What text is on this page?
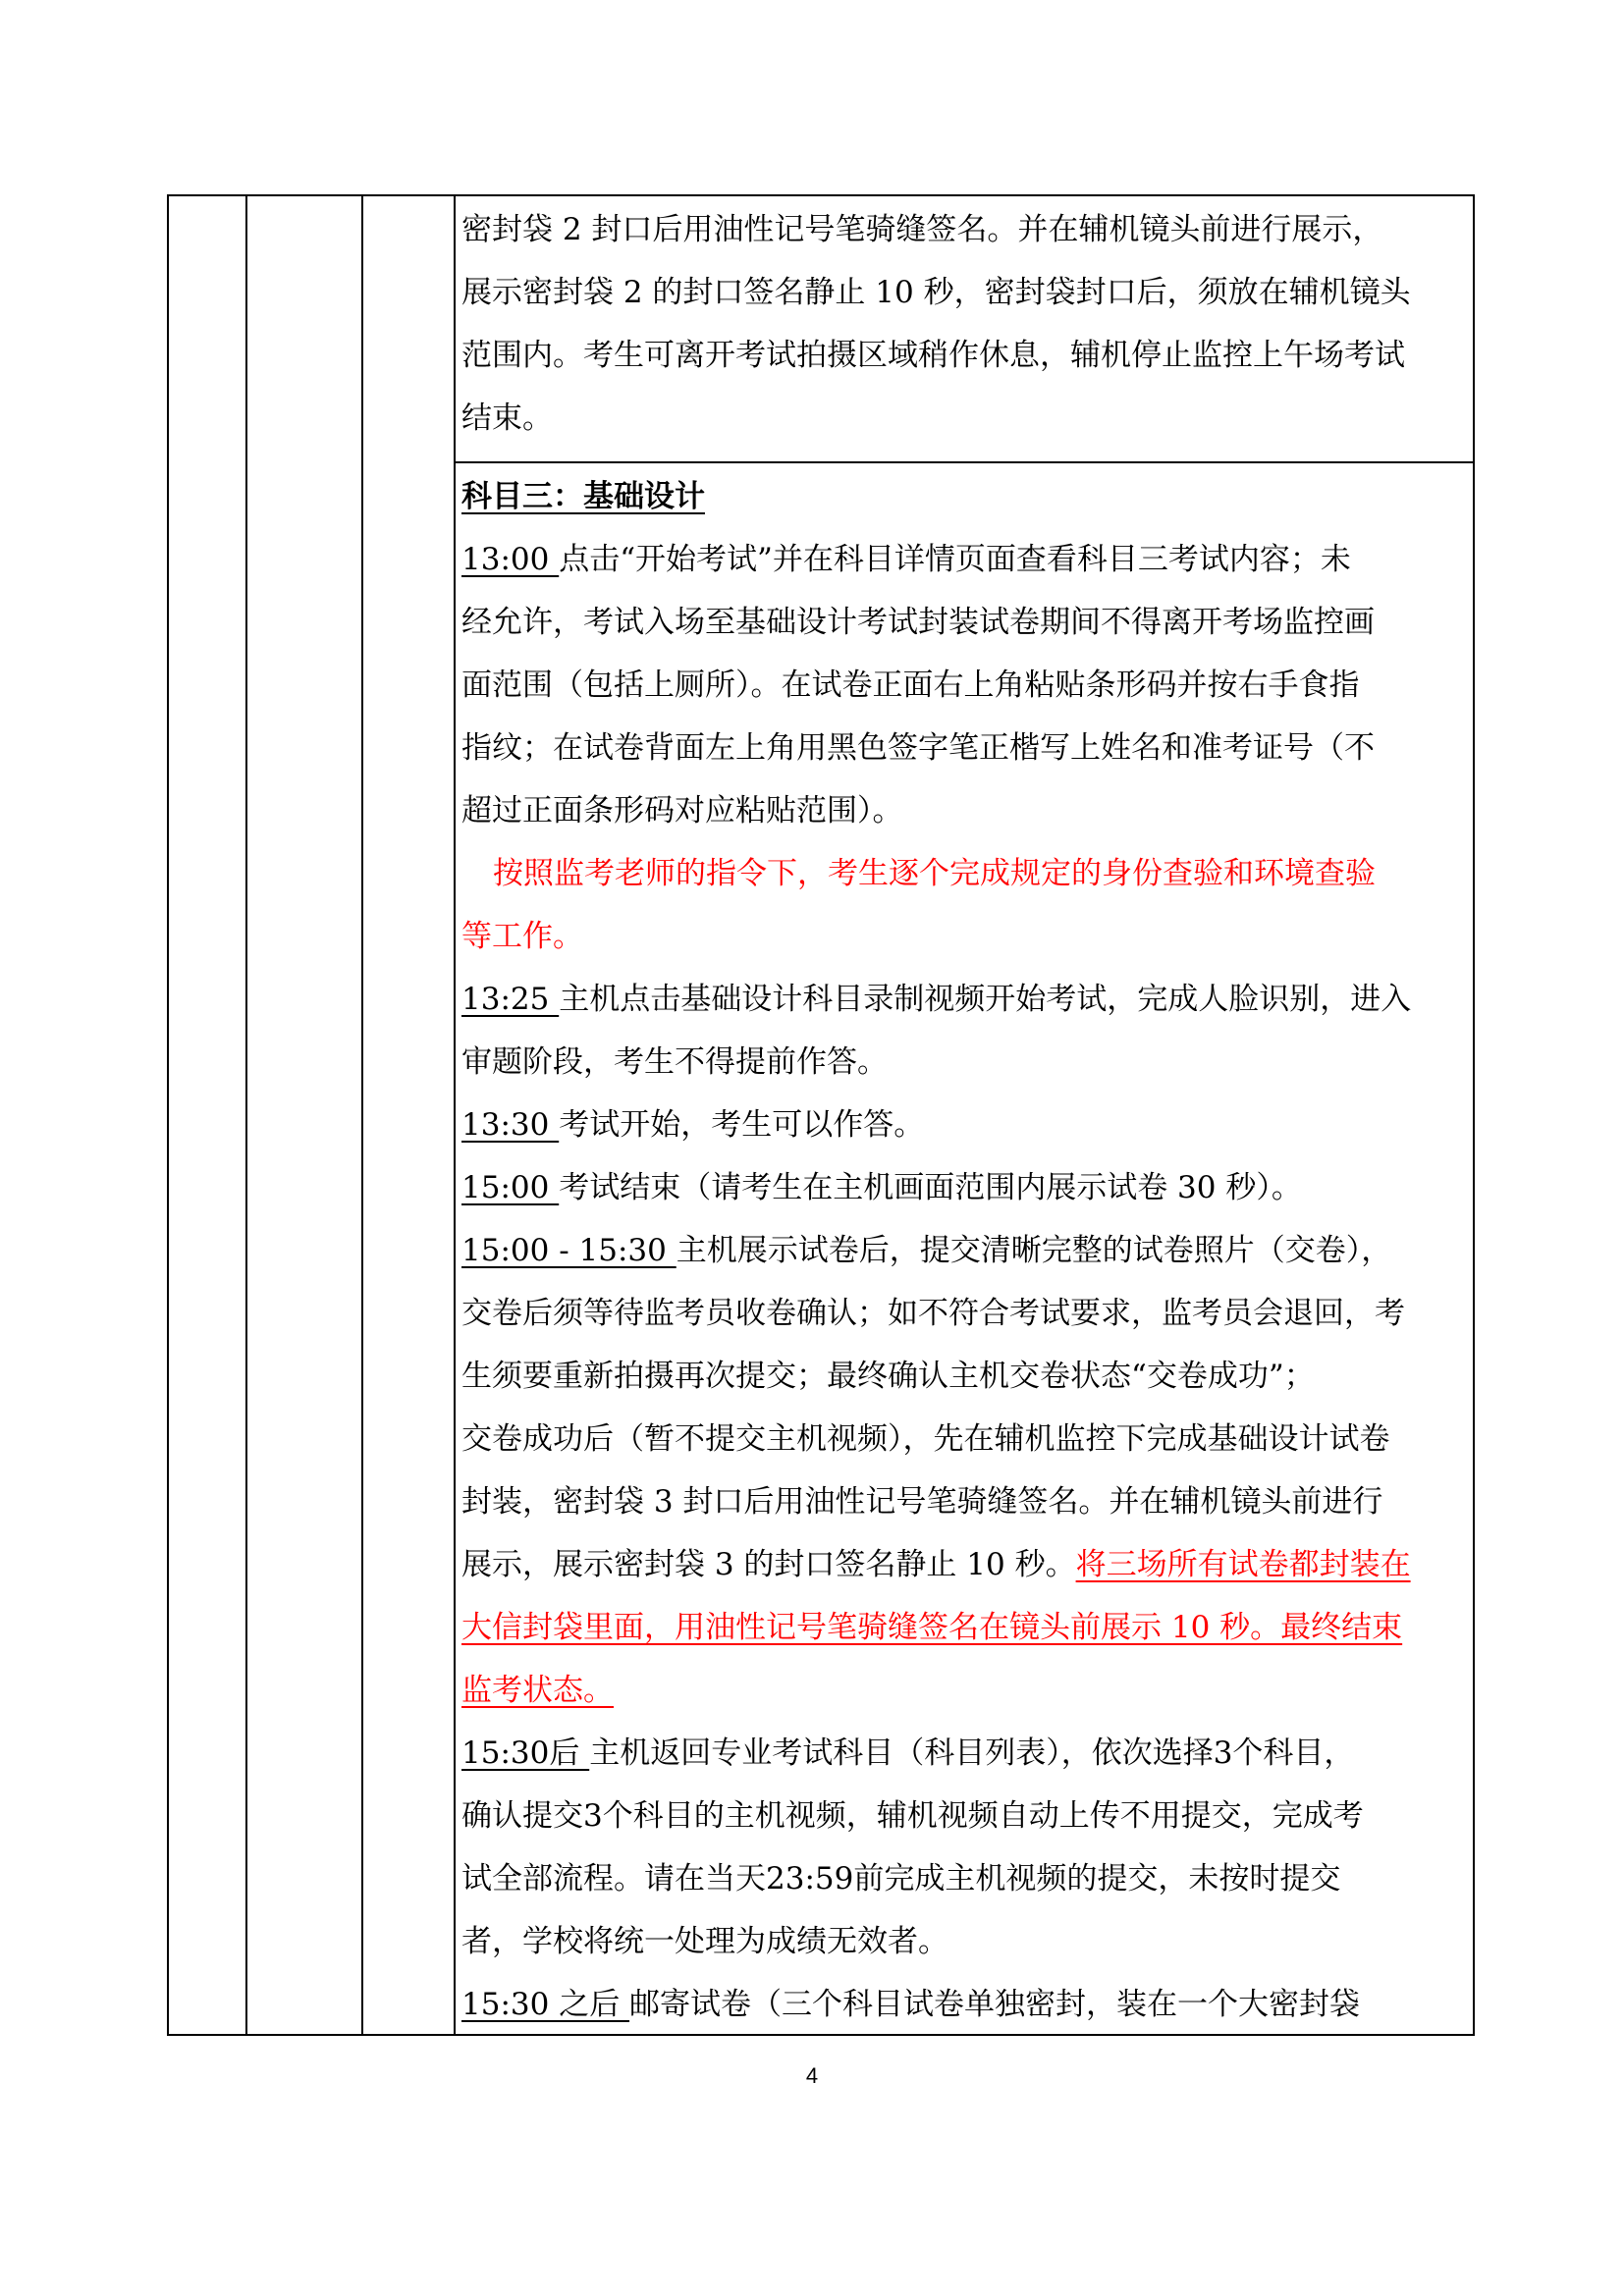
密封袋 2 封口后用油性记号笔骑缝签名。并在辅机镜头前进行展示，

展示密封袋 2 的封口签名静止 10 秒，密封袋封口后，须放在辅机镜头

范围内。考生可离开考试拍摄区域稍作休息，辅机停止监控上午场考试

结束。

科目三：基础设计

13:00 点击“开始考试”并在科目详情页面查看科目三考试内容；未

经允许，考试入场至基础设计考试封装试卷期间不得离开考场监控画

面范围（包括上厕所）。在试卷正面右上角粘贴条形码并按右手食指

指纹；在试卷背面左上角用黑色签字笔正楷写上姓名和准考证号（不

超过正面条形码对应粘贴范围）。

按照监考老师的指令下，考生逐个完成规定的身份查验和环境查验

等工作。

13:25 主机点击基础设计科目录制视频开始考试，完成人脸识别，进入

审题阶段，考生不得提前作答。

13:30 考试开始，考生可以作答。

15:00 考试结束（请考生在主机画面范围内展示试卷 30 秒）。

15:00 - 15:30 主机展示试卷后，提交清晰完整的试卷照片（交卷），

交卷后须等待监考员收卷确认；如不符合考试要求，监考员会退回，考

生须要重新拍摄再次提交；最终确认主机交卷状态“交卷成功”；

交卷成功后（暂不提交主机视频），先在辅机监控下完成基础设计试卷

封装，密封袋 3 封口后用油性记号笔骑缝签名。并在辅机镜头前进行

展示，展示密封袋 3 的封口签名静止 10 秒。将三场所有试卷都封装在

大信封袋里面，用油性记号笔骑缝签名在镜头前展示 10 秒。最终结束

监考状态。

15:30后 主机返回专业考试科目（科目列表），依次选择3个科目，

确认提交3个科目的主机视频，辅机视频自动上传不用提交，完成考

试全部流程。请在当天23:59前完成主机视频的提交，未按时提交

者，学校将统一处理为成绩无效者。

15:30 之后 邮寄试卷（三个科目试卷单独密封，装在一个大密封袋

4
